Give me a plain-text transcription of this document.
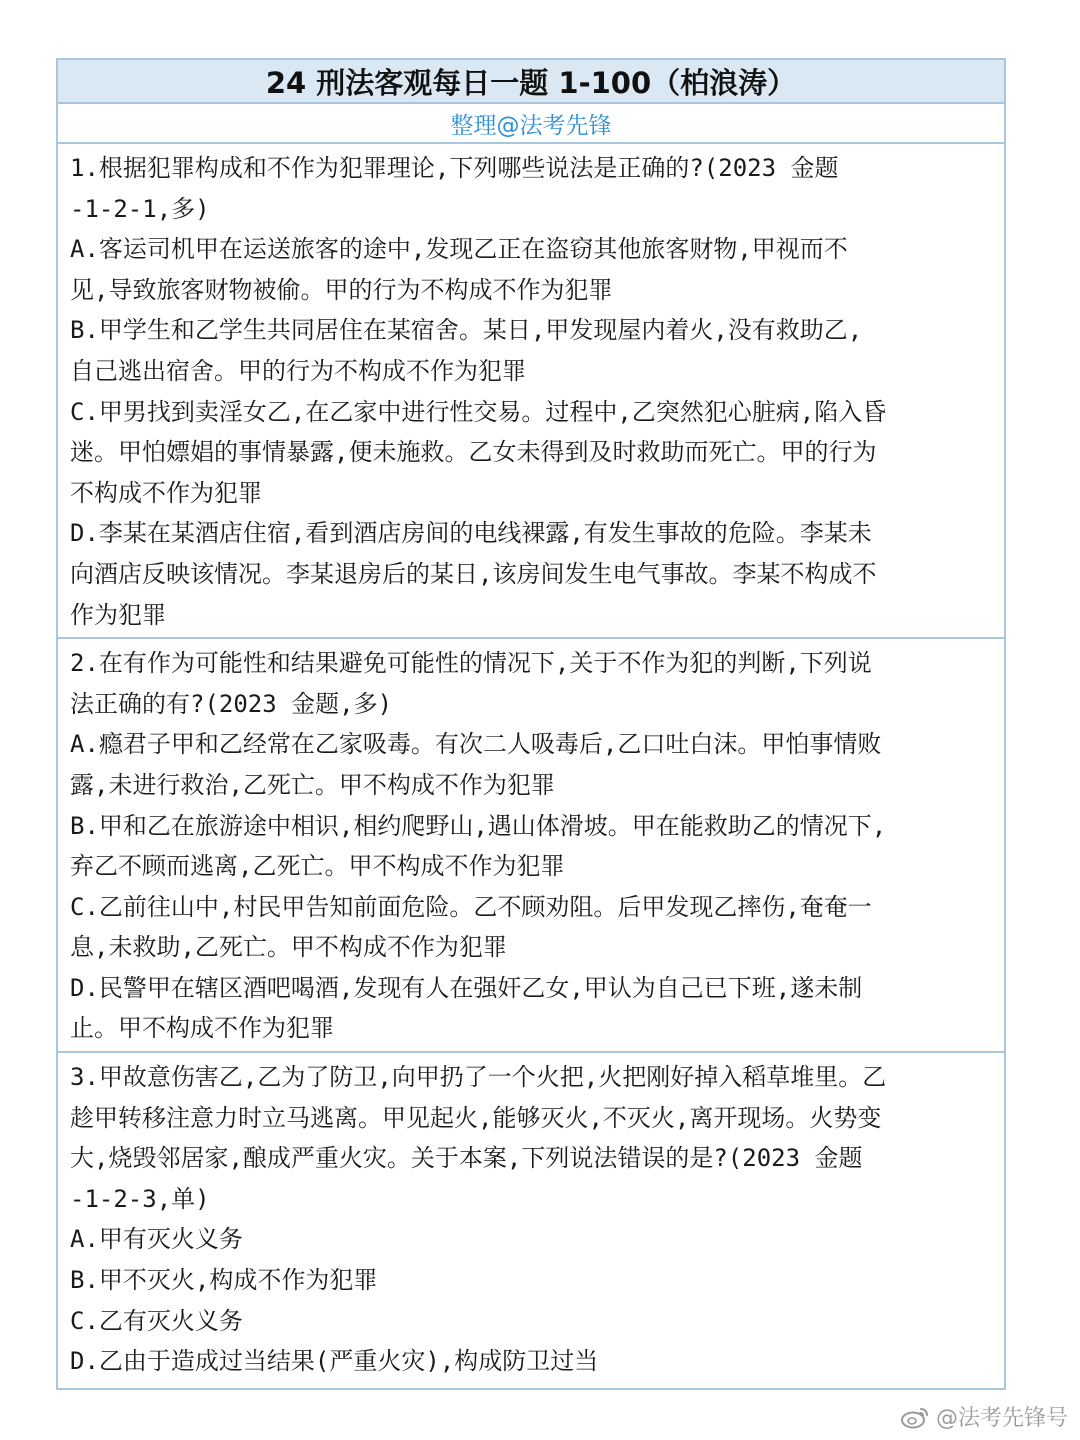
24 刑法客观每日一题 1-100（柏浪涛）
整理@法考先锋

1.根据犯罪构成和不作为犯罪理论,下列哪些说法是正确的?(2023 金题

-1-2-1,多)

A.客运司机甲在运送旅客的途中,发现乙正在盗窃其他旅客财物,甲视而不

见,导致旅客财物被偷。甲的行为不构成不作为犯罪

B.甲学生和乙学生共同居住在某宿舍。某日,甲发现屋内着火,没有救助乙,

自己逃出宿舍。甲的行为不构成不作为犯罪

C.甲男找到卖淫女乙,在乙家中进行性交易。过程中,乙突然犯心脏病,陷入昏

迷。甲怕嫖娼的事情暴露,便未施救。乙女未得到及时救助而死亡。甲的行为

不构成不作为犯罪

D.李某在某酒店住宿,看到酒店房间的电线裸露,有发生事故的危险。李某未

向酒店反映该情况。李某退房后的某日,该房间发生电气事故。李某不构成不

作为犯罪

2.在有作为可能性和结果避免可能性的情况下,关于不作为犯的判断,下列说

法正确的有?(2023 金题,多)

A.瘾君子甲和乙经常在乙家吸毒。有次二人吸毒后,乙口吐白沫。甲怕事情败

露,未进行救治,乙死亡。甲不构成不作为犯罪

B.甲和乙在旅游途中相识,相约爬野山,遇山体滑坡。甲在能救助乙的情况下,

弃乙不顾而逃离,乙死亡。甲不构成不作为犯罪

C.乙前往山中,村民甲告知前面危险。乙不顾劝阻。后甲发现乙摔伤,奄奄一

息,未救助,乙死亡。甲不构成不作为犯罪

D.民警甲在辖区酒吧喝酒,发现有人在强奸乙女,甲认为自己已下班,遂未制

止。甲不构成不作为犯罪

3.甲故意伤害乙,乙为了防卫,向甲扔了一个火把,火把刚好掉入稻草堆里。乙

趁甲转移注意力时立马逃离。甲见起火,能够灭火,不灭火,离开现场。火势变

大,烧毁邻居家,酿成严重火灾。关于本案,下列说法错误的是?(2023 金题

-1-2-3,单)

A.甲有灭火义务

B.甲不灭火,构成不作为犯罪

C.乙有灭火义务

D.乙由于造成过当结果(严重火灾),构成防卫过当

@法考先锋号
